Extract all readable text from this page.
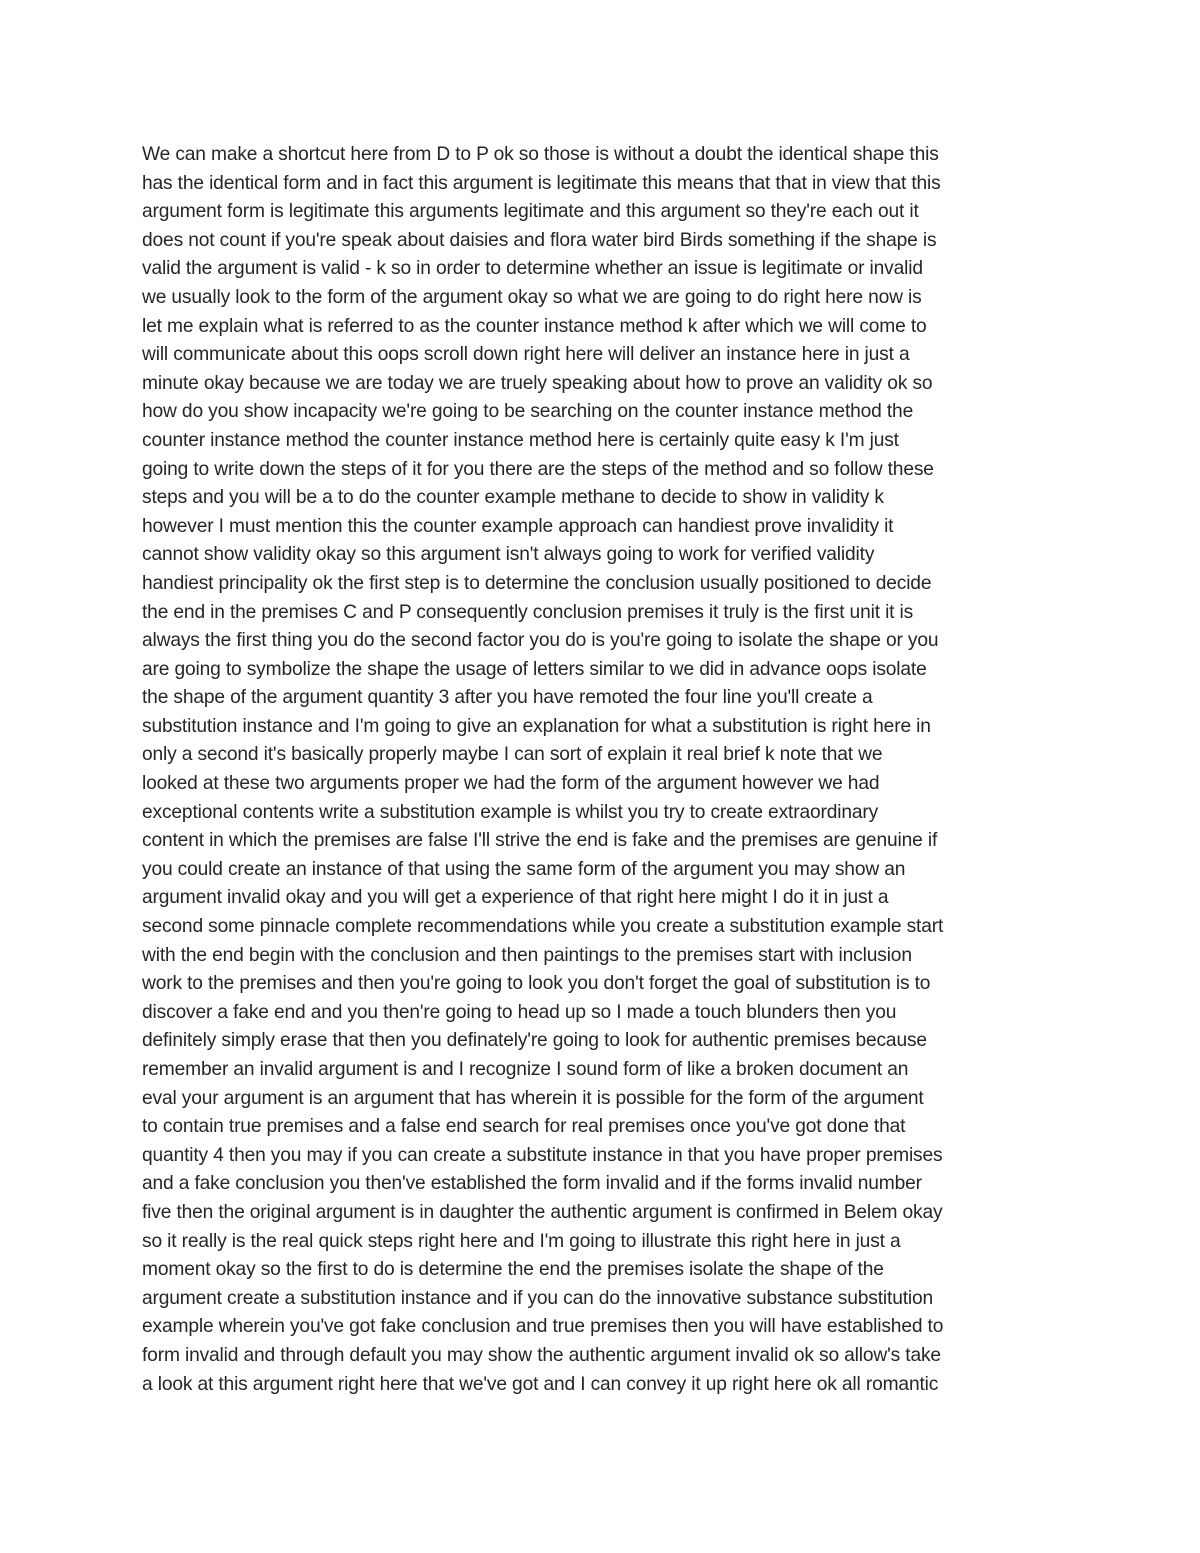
We can make a shortcut here from D to P ok so those is without a doubt the identical shape this
has the identical form and in fact this argument is legitimate this means that that in view that this
argument form is legitimate this arguments legitimate and this argument so they're each out it
does not count if you're speak about daisies and flora water bird Birds something if the shape is
valid the argument is valid - k so in order to determine whether an issue is legitimate or invalid
we usually look to the form of the argument okay so what we are going to do right here now is
let me explain what is referred to as the counter instance method k after which we will come to
will communicate about this oops scroll down right here will deliver an instance here in just a
minute okay because we are today we are truely speaking about how to prove an validity ok so
how do you show incapacity we're going to be searching on the counter instance method the
counter instance method the counter instance method here is certainly quite easy k I'm just
going to write down the steps of it for you there are the steps of the method and so follow these
steps and you will be a to do the counter example methane to decide to show in validity k
however I must mention this the counter example approach can handiest prove invalidity it
cannot show validity okay so this argument isn't always going to work for verified validity
handiest principality ok the first step is to determine the conclusion usually positioned to decide
the end in the premises C and P consequently conclusion premises it truly is the first unit it is
always the first thing you do the second factor you do is you're going to isolate the shape or you
are going to symbolize the shape the usage of letters similar to we did in advance oops isolate
the shape of the argument quantity 3 after you have remoted the four line you'll create a
substitution instance and I'm going to give an explanation for what a substitution is right here in
only a second it's basically properly maybe I can sort of explain it real brief k note that we
looked at these two arguments proper we had the form of the argument however we had
exceptional contents write a substitution example is whilst you try to create extraordinary
content in which the premises are false I'll strive the end is fake and the premises are genuine if
you could create an instance of that using the same form of the argument you may show an
argument invalid okay and you will get a experience of that right here might I do it in just a
second some pinnacle complete recommendations while you create a substitution example start
with the end begin with the conclusion and then paintings to the premises start with inclusion
work to the premises and then you're going to look you don't forget the goal of substitution is to
discover a fake end and you then're going to head up so I made a touch blunders then you
definitely simply erase that then you definately're going to look for authentic premises because
remember an invalid argument is and I recognize I sound form of like a broken document an
eval your argument is an argument that has wherein it is possible for the form of the argument
to contain true premises and a false end search for real premises once you've got done that
quantity 4 then you may if you can create a substitute instance in that you have proper premises
and a fake conclusion you then've established the form invalid and if the forms invalid number
five then the original argument is in daughter the authentic argument is confirmed in Belem okay
so it really is the real quick steps right here and I'm going to illustrate this right here in just a
moment okay so the first to do is determine the end the premises isolate the shape of the
argument create a substitution instance and if you can do the innovative substance substitution
example wherein you've got fake conclusion and true premises then you will have established to
form invalid and through default you may show the authentic argument invalid ok so allow's take
a look at this argument right here that we've got and I can convey it up right here ok all romantic
